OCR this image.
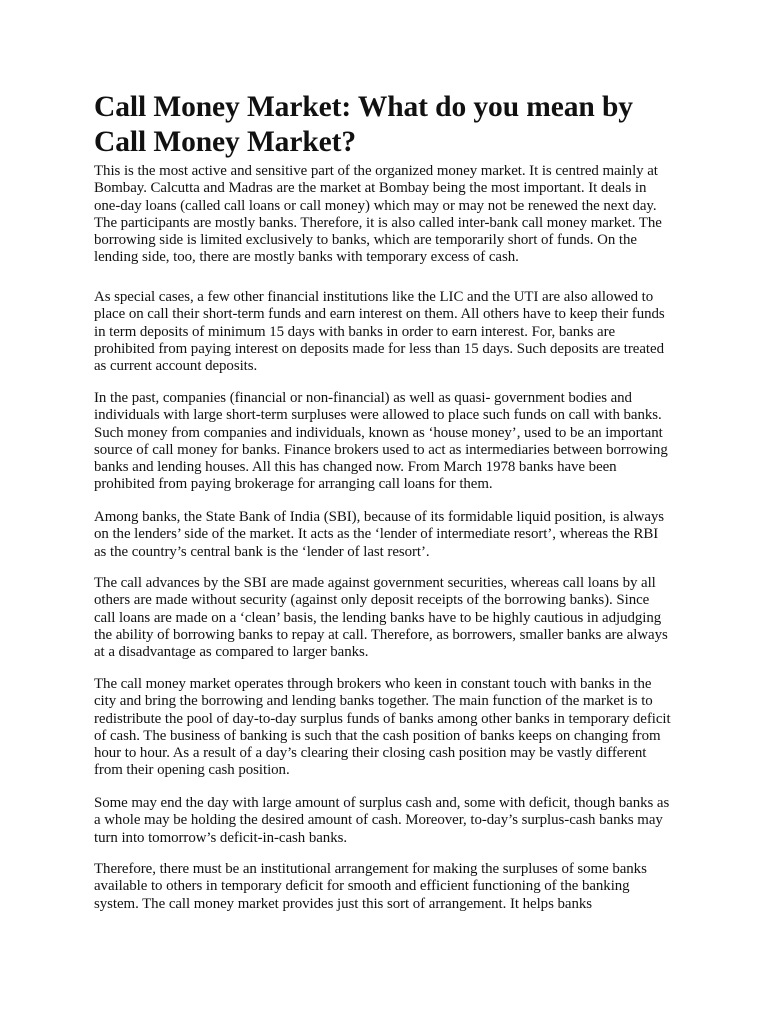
Call Money Market: What do you mean by Call Money Market?

This is the most active and sensitive part of the organized money market. It is centred mainly at Bombay. Calcutta and Madras are the market at Bombay being the most important. It deals in one-day loans (called call loans or call money) which may or may not be renewed the next day. The participants are mostly banks. Therefore, it is also called inter-bank call money market. The borrowing side is limited exclusively to banks, which are temporarily short of funds. On the lending side, too, there are mostly banks with temporary excess of cash.

As special cases, a few other financial institutions like the LIC and the UTI are also allowed to place on call their short-term funds and earn interest on them. All others have to keep their funds in term deposits of minimum 15 days with banks in order to earn interest. For, banks are prohibited from paying interest on deposits made for less than 15 days. Such deposits are treated as current account deposits.

In the past, companies (financial or non-financial) as well as quasi- government bodies and individuals with large short-term surpluses were allowed to place such funds on call with banks. Such money from companies and individuals, known as ‘house money’, used to be an important source of call money for banks. Finance brokers used to act as intermediaries between borrowing banks and lending houses. All this has changed now. From March 1978 banks have been prohibited from paying brokerage for arranging call loans for them.

Among banks, the State Bank of India (SBI), because of its formidable liquid position, is always on the lenders’ side of the market. It acts as the ‘lender of intermediate resort’, whereas the RBI as the country’s central bank is the ‘lender of last resort’.

The call advances by the SBI are made against government securities, whereas call loans by all others are made without security (against only deposit receipts of the borrowing banks). Since call loans are made on a ‘clean’ basis, the lending banks have to be highly cautious in adjudging the ability of borrowing banks to repay at call. Therefore, as borrowers, smaller banks are always at a disadvantage as compared to larger banks.

The call money market operates through brokers who keen in constant touch with banks in the city and bring the borrowing and lending banks together. The main function of the market is to redistribute the pool of day-to-day surplus funds of banks among other banks in temporary deficit of cash. The business of banking is such that the cash position of banks keeps on changing from hour to hour. As a result of a day’s clearing their closing cash position may be vastly different from their opening cash position.

Some may end the day with large amount of surplus cash and, some with deficit, though banks as a whole may be holding the desired amount of cash. Moreover, to-day’s surplus-cash banks may turn into tomorrow’s deficit-in-cash banks.

Therefore, there must be an institutional arrangement for making the surpluses of some banks available to others in temporary deficit for smooth and efficient functioning of the banking system. The call money market provides just this sort of arrangement. It helps banks
